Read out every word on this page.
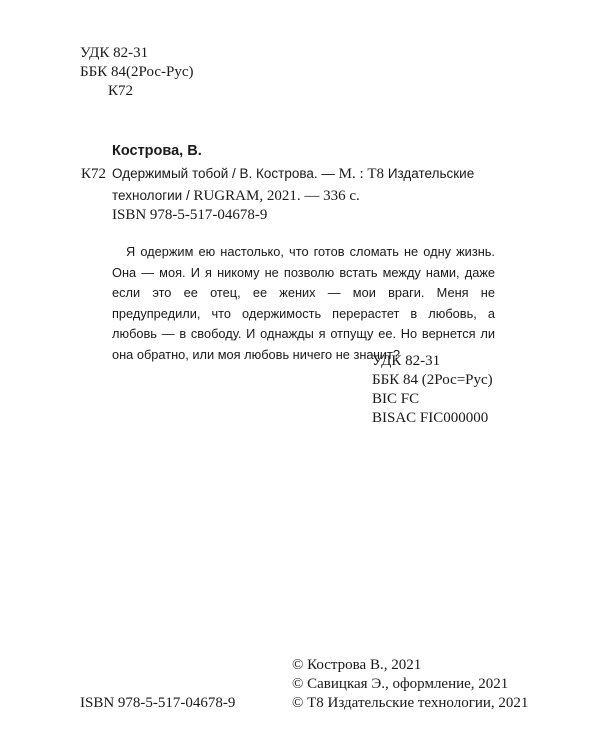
УДК 82-31
ББК 84(2Рос-Рус)
К72
Кострова, В.
К72 Одержимый тобой / В. Кострова. — М. : Т8 Издательские
технологии / RUGRAM, 2021. — 336 с.
ISBN 978-5-517-04678-9

Я одержим ею настолько, что готов сломать не одну жизнь. Она — моя. И я никому не позволю встать между нами, даже если это ее отец, ее жених — мои враги. Меня не предупредили, что одержимость перерастет в любовь, а любовь — в свободу. И однажды я отпущу ее. Но вернется ли она обратно, или моя любовь ничего не значит?

УДК 82-31
ББК 84 (2Рос=Рус)
BIC FC
BISAC FIC000000
© Кострова В., 2021
© Савицкая Э., оформление, 2021
© Т8 Издательские технологии, 2021
ISBN 978-5-517-04678-9
